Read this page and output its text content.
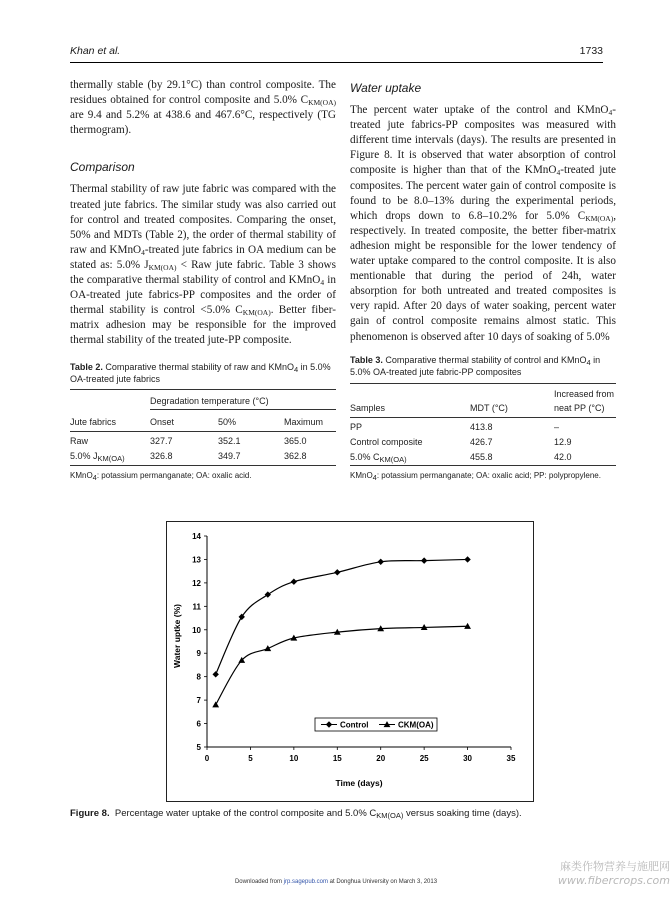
Khan et al.	1733

thermally stable (by 29.1°C) than control composite. The residues obtained for control composite and 5.0% $C_{KM(OA)}$ are 9.4 and 5.2% at 438.6 and 467.6°C, respectively (TG thermogram).

Comparison

Thermal stability of raw jute fabric was compared with the treated jute fabrics. The similar study was also carried out for control and treated composites. Comparing the onset, 50% and MDTs (Table 2), the order of thermal stability of raw and KMnO$_4$-treated jute fabrics in OA medium can be stated as: 5.0% $J_{KM(OA)}$ < Raw jute fabric. Table 3 shows the comparative thermal stability of control and KMnO$_4$ in OA-treated jute fabrics-PP composites and the order of thermal stability is control <5.0% $C_{KM(OA)}$. Better fiber-matrix adhesion may be responsible for the improved thermal stability of the treated jute-PP composite.

Water uptake

The percent water uptake of the control and KMnO$_4$-treated jute fabrics-PP composites was measured with different time intervals (days). The results are presented in Figure 8. It is observed that water absorption of control composite is higher than that of the KMnO$_4$-treated jute composites. The percent water gain of control composite is found to be 8.0–13% during the experimental periods, which drops down to 6.8–10.2% for 5.0% $C_{KM(OA)}$, respectively. In treated composite, the better fiber-matrix adhesion might be responsible for the lower tendency of water uptake compared to the control composite. It is also mentionable that during the period of 24h, water absorption for both untreated and treated composites is very rapid. After 20 days of water soaking, percent water gain of control composite remains almost static. This phenomenon is observed after 10 days of soaking of 5.0%

Table 2. Comparative thermal stability of raw and KMnO$_4$ in 5.0% OA-treated jute fabrics
Degradation temperature (°C)
Jute fabrics	Onset	50%	Maximum
Raw	327.7	352.1	365.0
5.0% $J_{KM(OA)}$	326.8	349.7	362.8
KMnO$_4$: potassium permanganate; OA: oxalic acid.
Table 3. Comparative thermal stability of control and KMnO$_4$ in 5.0% OA-treated jute fabric-PP composites
Samples	MDT (°C)
Increased from
neat PP (°C)
PP	413.8	–
Control composite	426.7	12.9
5.0% $C_{KM(OA)}$	455.8	42.0
KMnO$_4$: potassium permanganate; OA: oxalic acid; PP: polypropylene.
0	5	10	15	20	25	30	35
5
6
7
8
9
10
11
12
13
14
Control	CKM(OA)
Time (days)
Water uptke (%)
Figure 8. Percentage water uptake of the control composite and 5.0% $C_{KM(OA)}$ versus soaking time (days).
Downloaded from jrp.sagepub.com at Donghua University on March 3, 2013
麻类作物营养与施肥网
www.fibercrops.com
